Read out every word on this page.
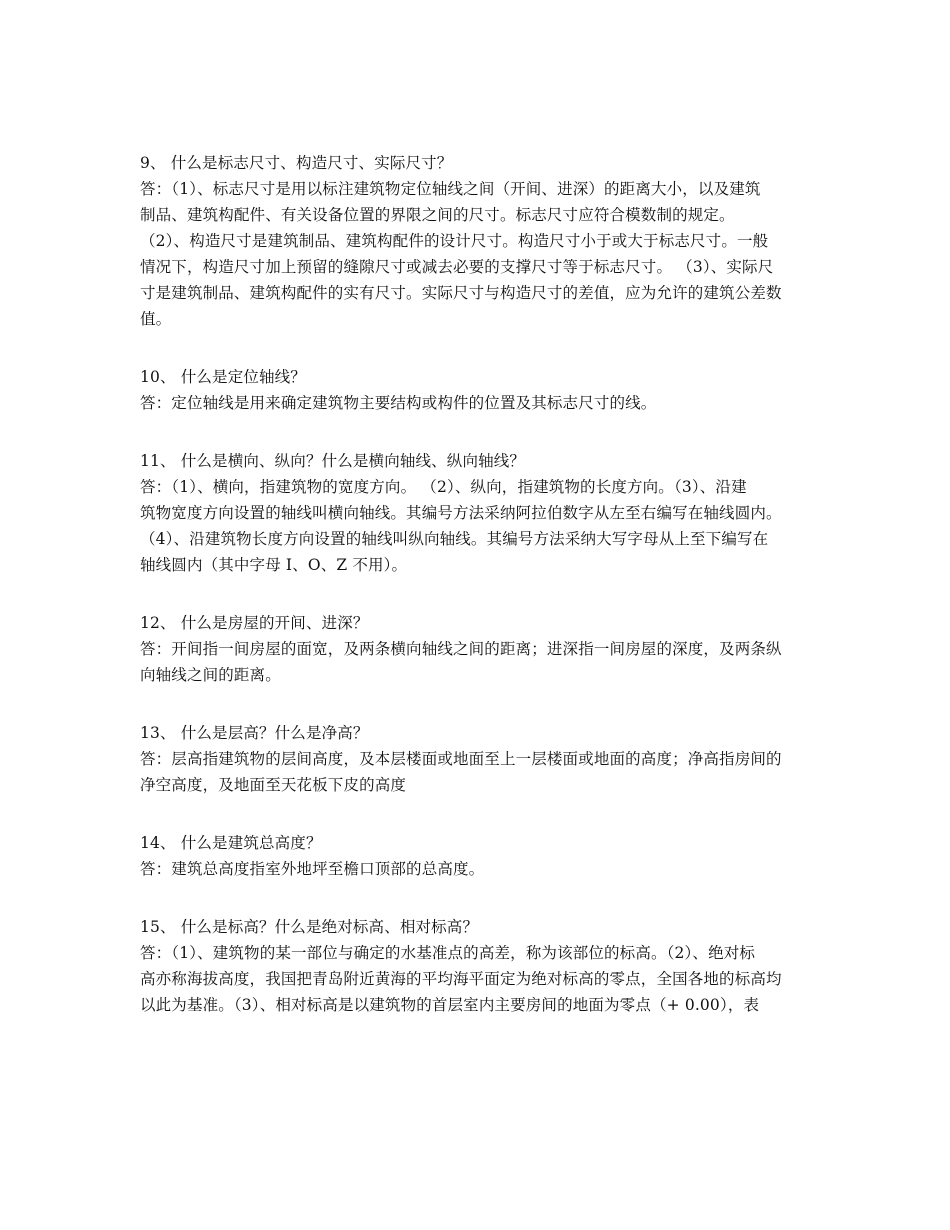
9、 什么是标志尺寸、构造尺寸、实际尺寸？
答：（1）、标志尺寸是用以标注建筑物定位轴线之间（开间、进深）的距离大小，以及建筑
制品、建筑构配件、有关设备位置的界限之间的尺寸。标志尺寸应符合模数制的规定。
（2）、构造尺寸是建筑制品、建筑构配件的设计尺寸。构造尺寸小于或大于标志尺寸。一般
情况下，构造尺寸加上预留的缝隙尺寸或减去必要的支撑尺寸等于标志尺寸。 （3）、实际尺
寸是建筑制品、建筑构配件的实有尺寸。实际尺寸与构造尺寸的差值，应为允许的建筑公差数
值。
10、 什么是定位轴线？
答：定位轴线是用来确定建筑物主要结构或构件的位置及其标志尺寸的线。
11、 什么是横向、纵向？什么是横向轴线、纵向轴线？
答：（1）、横向，指建筑物的宽度方向。 （2）、纵向，指建筑物的长度方向。（3）、沿建
筑物宽度方向设置的轴线叫横向轴线。其编号方法采纳阿拉伯数字从左至右编写在轴线圆内。
（4）、沿建筑物长度方向设置的轴线叫纵向轴线。其编号方法采纳大写字母从上至下编写在
轴线圆内（其中字母 I、O、Z 不用）。
12、 什么是房屋的开间、进深？
答：开间指一间房屋的面宽，及两条横向轴线之间的距离；进深指一间房屋的深度，及两条纵
向轴线之间的距离。
13、 什么是层高？什么是净高？
答：层高指建筑物的层间高度，及本层楼面或地面至上一层楼面或地面的高度；净高指房间的
净空高度，及地面至天花板下皮的高度
14、 什么是建筑总高度？
答：建筑总高度指室外地坪至檐口顶部的总高度。
15、 什么是标高？什么是绝对标高、相对标高？
答：（1）、建筑物的某一部位与确定的水基准点的高差，称为该部位的标高。（2）、绝对标
高亦称海拔高度，我国把青岛附近黄海的平均海平面定为绝对标高的零点，全国各地的标高均
以此为基准。（3）、相对标高是以建筑物的首层室内主要房间的地面为零点（+ 0.00），表
